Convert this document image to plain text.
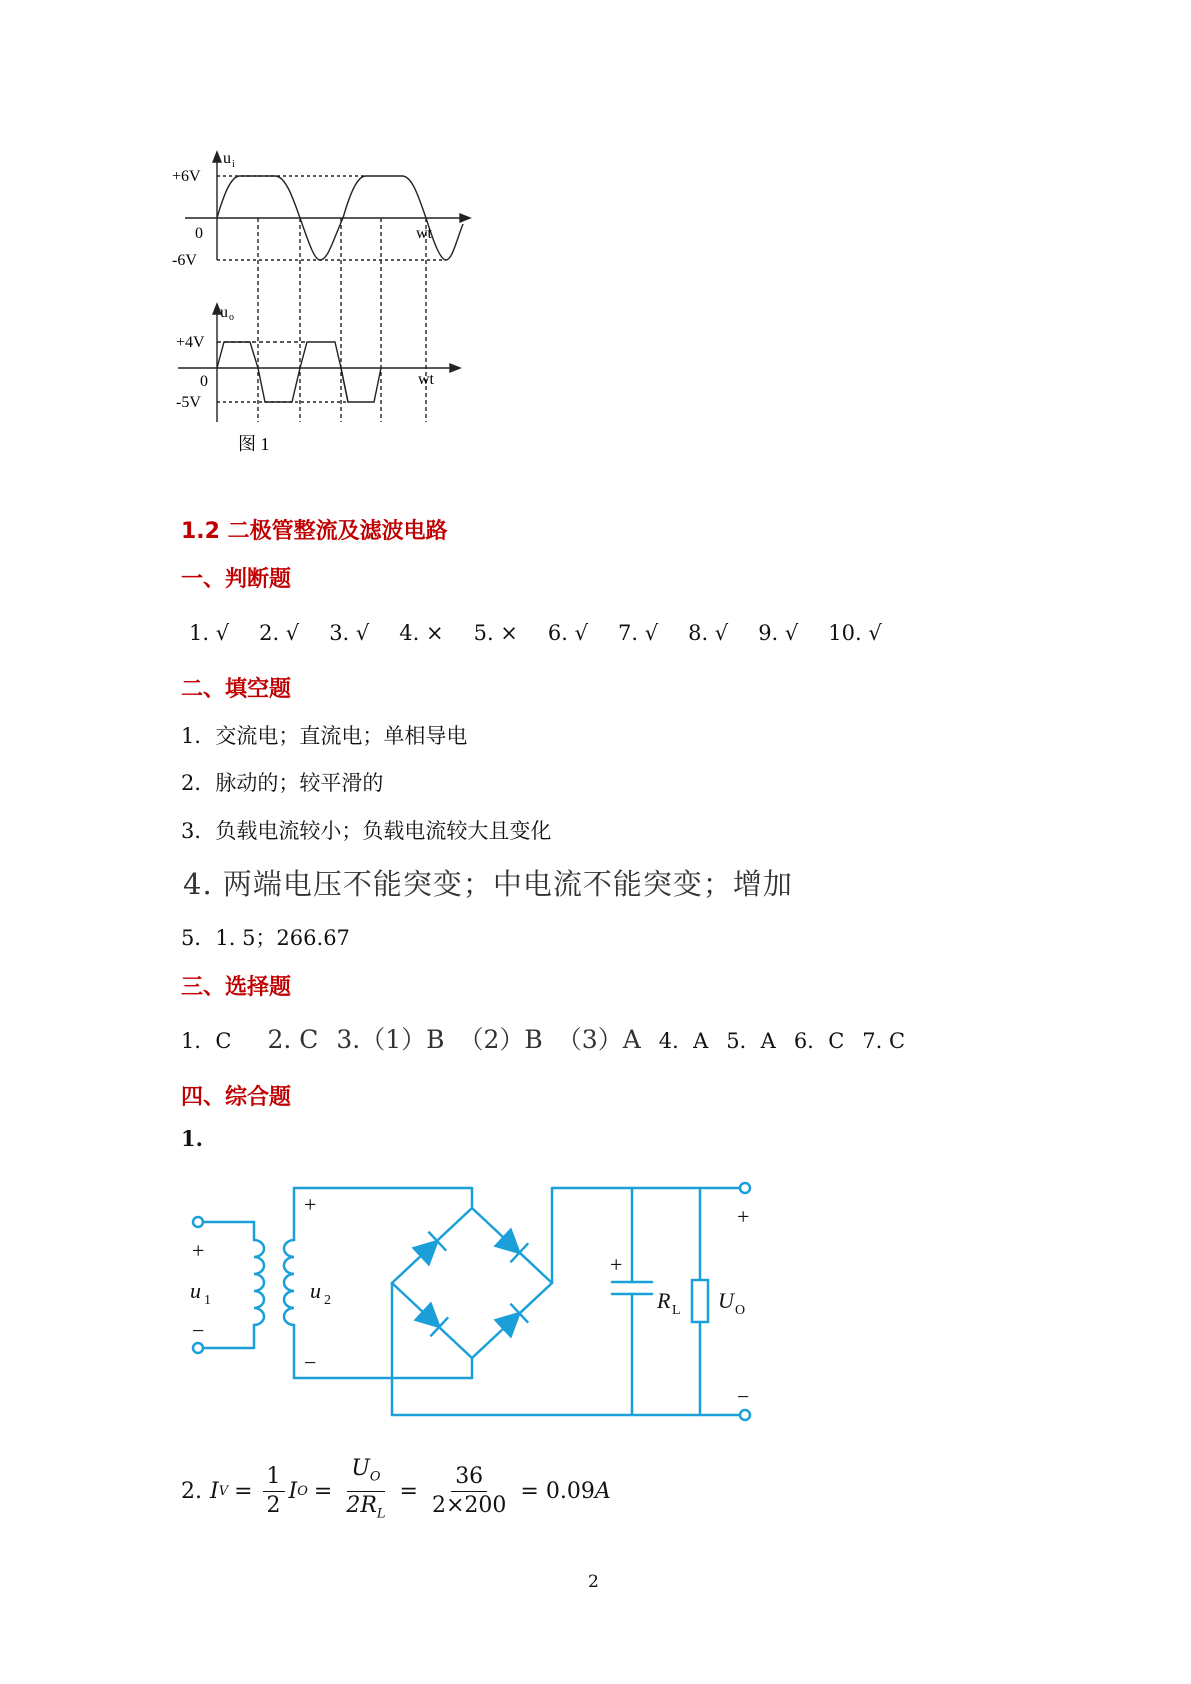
u i
+6V
0
-6V
wt
u o
+4V
0
-5V
wt
图 1
1.2 二极管整流及滤波电路
一、判断题
1. √ 2. √ 3. √ 4. × 5. × 6. √ 7. √ 8. √ 9. √ 10. √
二、填空题
1．交流电；直流电；单相导电
2．脉动的；较平滑的
3．负载电流较小；负载电流较大且变化
4. 两端电压不能突变；中电流不能突变；增加
5．1. 5；266.67
三、选择题
1．C 2. C 3.（1）B （2）B （3）A 4．A 5．A 6．C 7. C
四、综合题
1.
+
−
u 1	u 2
+
−
+
R L U O
+
−
2. I $V = \frac{1}{2}$ I $O = \frac{U_O}{2R_L} = \frac{36}{2\times 200} = 0.09$ A
2
